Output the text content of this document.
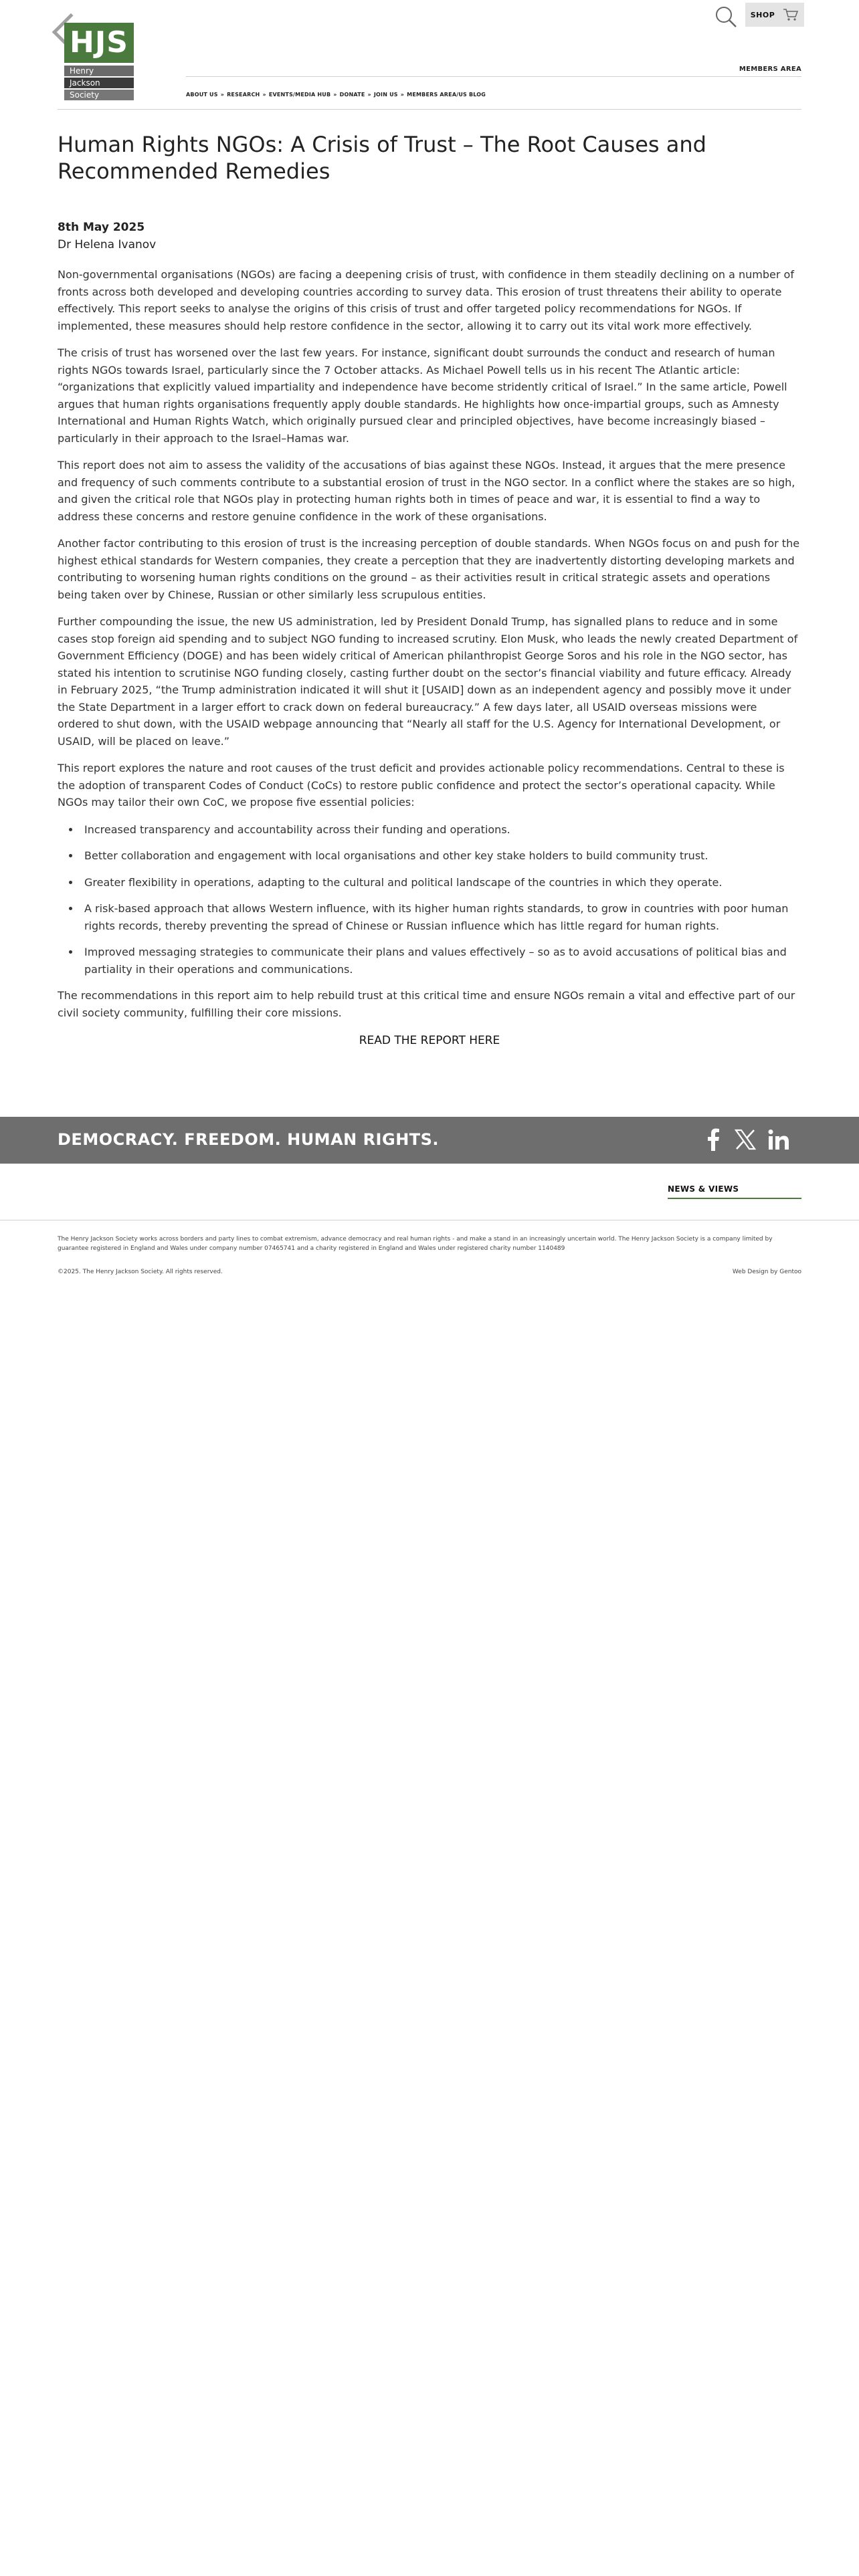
HJS
Henry
Jackson
Society
SHOP
MEMBERS AREA
ABOUT US » RESEARCH » EVENTS/MEDIA HUB » DONATE » JOIN US » MEMBERS AREA/US BLOG
Human Rights NGOs: A Crisis of Trust – The Root Causes and Recommended Remedies
8th May 2025
Dr Helena Ivanov

Non-governmental organisations (NGOs) are facing a deepening crisis of trust, with confidence in them steadily declining on a number of fronts across both developed and developing countries according to survey data. This erosion of trust threatens their ability to operate effectively. This report seeks to analyse the origins of this crisis of trust and offer targeted policy recommendations for NGOs. If implemented, these measures should help restore confidence in the sector, allowing it to carry out its vital work more effectively.

The crisis of trust has worsened over the last few years. For instance, significant doubt surrounds the conduct and research of human rights NGOs towards Israel, particularly since the 7 October attacks. As Michael Powell tells us in his recent The Atlantic article: “organizations that explicitly valued impartiality and independence have become stridently critical of Israel.” In the same article, Powell argues that human rights organisations frequently apply double standards. He highlights how once-impartial groups, such as Amnesty International and Human Rights Watch, which originally pursued clear and principled objectives, have become increasingly biased – particularly in their approach to the Israel–Hamas war.

This report does not aim to assess the validity of the accusations of bias against these NGOs. Instead, it argues that the mere presence and frequency of such comments contribute to a substantial erosion of trust in the NGO sector. In a conflict where the stakes are so high, and given the critical role that NGOs play in protecting human rights both in times of peace and war, it is essential to find a way to address these concerns and restore genuine confidence in the work of these organisations.

Another factor contributing to this erosion of trust is the increasing perception of double standards. When NGOs focus on and push for the highest ethical standards for Western companies, they create a perception that they are inadvertently distorting developing markets and contributing to worsening human rights conditions on the ground – as their activities result in critical strategic assets and operations being taken over by Chinese, Russian or other similarly less scrupulous entities.

Further compounding the issue, the new US administration, led by President Donald Trump, has signalled plans to reduce and in some cases stop foreign aid spending and to subject NGO funding to increased scrutiny. Elon Musk, who leads the newly created Department of Government Efficiency (DOGE) and has been widely critical of American philanthropist George Soros and his role in the NGO sector, has stated his intention to scrutinise NGO funding closely, casting further doubt on the sector’s financial viability and future efficacy. Already in February 2025, “the Trump administration indicated it will shut it [USAID] down as an independent agency and possibly move it under the State Department in a larger effort to crack down on federal bureaucracy.” A few days later, all USAID overseas missions were ordered to shut down, with the USAID webpage announcing that “Nearly all staff for the U.S. Agency for International Development, or USAID, will be placed on leave.”

This report explores the nature and root causes of the trust deficit and provides actionable policy recommendations. Central to these is the adoption of transparent Codes of Conduct (CoCs) to restore public confidence and protect the sector’s operational capacity. While NGOs may tailor their own CoC, we propose five essential policies:

• Increased transparency and accountability across their funding and operations.
• Better collaboration and engagement with local organisations and other key stake holders to build community trust.
• Greater flexibility in operations, adapting to the cultural and political landscape of the countries in which they operate.
• A risk-based approach that allows Western influence, with its higher human rights standards, to grow in countries with poor human rights records, thereby preventing the spread of Chinese or Russian influence which has little regard for human rights.
• Improved messaging strategies to communicate their plans and values effectively – so as to avoid accusations of political bias and partiality in their operations and communications.

The recommendations in this report aim to help rebuild trust at this critical time and ensure NGOs remain a vital and effective part of our civil society community, fulfilling their core missions.

READ THE REPORT HERE
DEMOCRACY. FREEDOM. HUMAN RIGHTS.
NEWS & VIEWS
The Henry Jackson Society works across borders and party lines to combat extremism, advance democracy and real human rights - and make a stand in an increasingly uncertain world. The Henry Jackson Society is a company limited by guarantee registered in England and Wales under company number 07465741 and a charity registered in England and Wales under registered charity number 1140489
©2025. The Henry Jackson Society. All rights reserved.	Web Design by Gentoo
